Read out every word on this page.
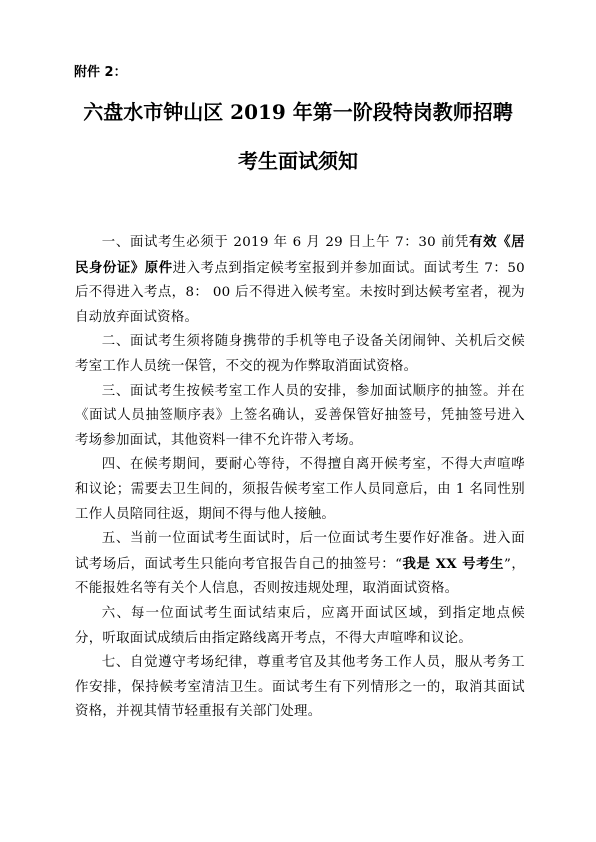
附件 2：
六盘水市钟山区 2019 年第一阶段特岗教师招聘
考生面试须知

一、面试考生必须于 2019 年 6 月 29 日上午 7：30 前凭有效《居民身份证》原件进入考点到指定候考室报到并参加面试。面试考生 7：50 后不得进入考点，8： 00 后不得进入候考室。未按时到达候考室者，视为自动放弃面试资格。

二、面试考生须将随身携带的手机等电子设备关闭闹钟、关机后交候考室工作人员统一保管，不交的视为作弊取消面试资格。

三、面试考生按候考室工作人员的安排，参加面试顺序的抽签。并在《面试人员抽签顺序表》上签名确认，妥善保管好抽签号，凭抽签号进入考场参加面试，其他资料一律不允许带入考场。

四、在候考期间，要耐心等待，不得擅自离开候考室，不得大声喧哗和议论；需要去卫生间的，须报告候考室工作人员同意后，由 1 名同性别工作人员陪同往返，期间不得与他人接触。

五、当前一位面试考生面试时，后一位面试考生要作好准备。进入面试考场后，面试考生只能向考官报告自己的抽签号：“我是 XX 号考生”，不能报姓名等有关个人信息，否则按违规处理，取消面试资格。

六、每一位面试考生面试结束后，应离开面试区域，到指定地点候分，听取面试成绩后由指定路线离开考点，不得大声喧哗和议论。

七、自觉遵守考场纪律，尊重考官及其他考务工作人员，服从考务工作安排，保持候考室清洁卫生。面试考生有下列情形之一的，取消其面试资格，并视其情节轻重报有关部门处理。
